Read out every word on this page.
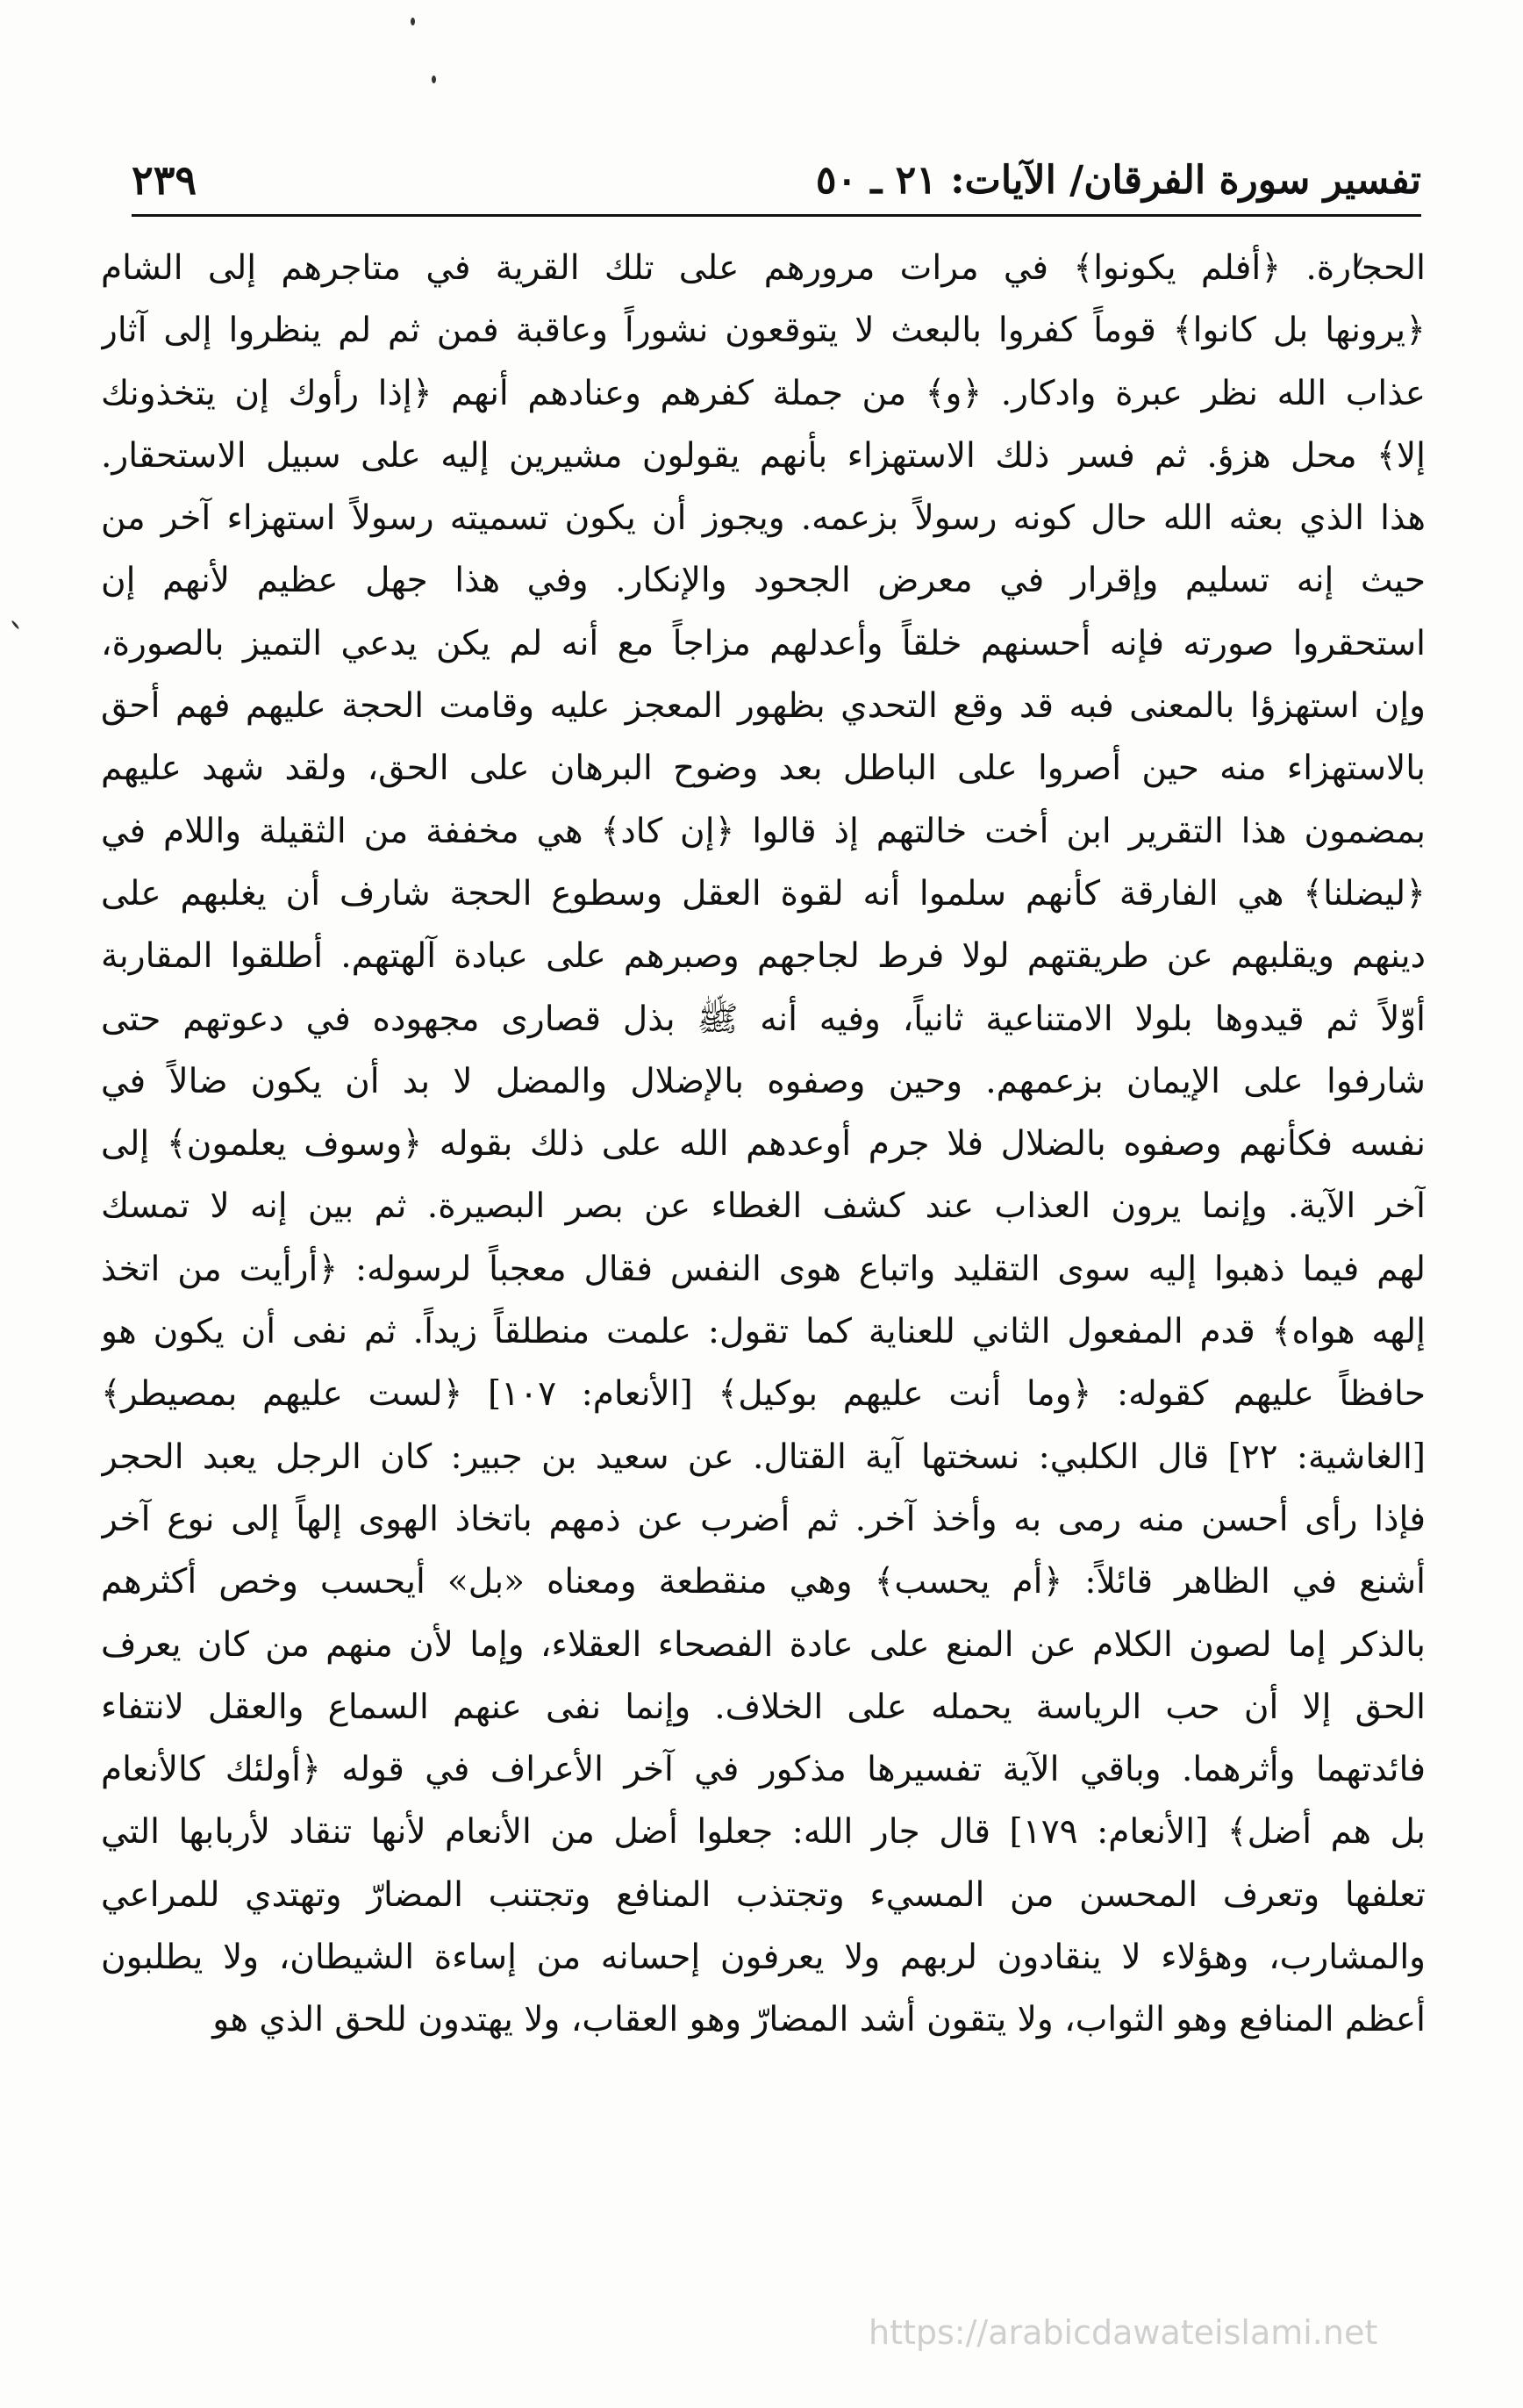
تفسير سورة الفرقان/ الآيات: ٢١ ـ ٥٠
٢٣٩
الحجارة. ﴿أفلم يكونوا﴾ في مرات مرورهم على تلك القرية في متاجرهم إلى الشام
﴿يرونها بل كانوا﴾ قوماً كفروا بالبعث لا يتوقعون نشوراً وعاقبة فمن ثم لم ينظروا إلى آثار
عذاب الله نظر عبرة وادكار. ﴿و﴾ من جملة كفرهم وعنادهم أنهم ﴿إذا رأوك إن يتخذونك
إلا﴾ محل هزؤ. ثم فسر ذلك الاستهزاء بأنهم يقولون مشيرين إليه على سبيل الاستحقار.
هذا الذي بعثه الله حال كونه رسولاً بزعمه. ويجوز أن يكون تسميته رسولاً استهزاء آخر من
حيث إنه تسليم وإقرار في معرض الجحود والإنكار. وفي هذا جهل عظيم لأنهم إن
استحقروا صورته فإنه أحسنهم خلقاً وأعدلهم مزاجاً مع أنه لم يكن يدعي التميز بالصورة،
وإن استهزؤا بالمعنى فبه قد وقع التحدي بظهور المعجز عليه وقامت الحجة عليهم فهم أحق
بالاستهزاء منه حين أصروا على الباطل بعد وضوح البرهان على الحق، ولقد شهد عليهم
بمضمون هذا التقرير ابن أخت خالتهم إذ قالوا ﴿إن كاد﴾ هي مخففة من الثقيلة واللام في
﴿ليضلنا﴾ هي الفارقة كأنهم سلموا أنه لقوة العقل وسطوع الحجة شارف أن يغلبهم على
دينهم ويقلبهم عن طريقتهم لولا فرط لجاجهم وصبرهم على عبادة آلهتهم. أطلقوا المقاربة
أوّلاً ثم قيدوها بلولا الامتناعية ثانياً، وفيه أنه ﷺ بذل قصارى مجهوده في دعوتهم حتى
شارفوا على الإيمان بزعمهم. وحين وصفوه بالإضلال والمضل لا بد أن يكون ضالاً في
نفسه فكأنهم وصفوه بالضلال فلا جرم أوعدهم الله على ذلك بقوله ﴿وسوف يعلمون﴾ إلى
آخر الآية. وإنما يرون العذاب عند كشف الغطاء عن بصر البصيرة. ثم بين إنه لا تمسك
لهم فيما ذهبوا إليه سوى التقليد واتباع هوى النفس فقال معجباً لرسوله: ﴿أرأيت من اتخذ
إلهه هواه﴾ قدم المفعول الثاني للعناية كما تقول: علمت منطلقاً زيداً. ثم نفى أن يكون هو
حافظاً عليهم كقوله: ﴿وما أنت عليهم بوكيل﴾ [الأنعام: ١٠٧] ﴿لست عليهم بمصيطر﴾
[الغاشية: ٢٢] قال الكلبي: نسختها آية القتال. عن سعيد بن جبير: كان الرجل يعبد الحجر
فإذا رأى أحسن منه رمى به وأخذ آخر. ثم أضرب عن ذمهم باتخاذ الهوى إلهاً إلى نوع آخر
أشنع في الظاهر قائلاً: ﴿أم يحسب﴾ وهي منقطعة ومعناه «بل» أيحسب وخص أكثرهم
بالذكر إما لصون الكلام عن المنع على عادة الفصحاء العقلاء، وإما لأن منهم من كان يعرف
الحق إلا أن حب الرياسة يحمله على الخلاف. وإنما نفى عنهم السماع والعقل لانتفاء
فائدتهما وأثرهما. وباقي الآية تفسيرها مذكور في آخر الأعراف في قوله ﴿أولئك كالأنعام
بل هم أضل﴾ [الأنعام: ١٧٩] قال جار الله: جعلوا أضل من الأنعام لأنها تنقاد لأربابها التي
تعلفها وتعرف المحسن من المسيء وتجتذب المنافع وتجتنب المضارّ وتهتدي للمراعي
والمشارب، وهؤلاء لا ينقادون لربهم ولا يعرفون إحسانه من إساءة الشيطان، ولا يطلبون
أعظم المنافع وهو الثواب، ولا يتقون أشد المضارّ وهو العقاب، ولا يهتدون للحق الذي هو
https://arabicdawateislami.net
